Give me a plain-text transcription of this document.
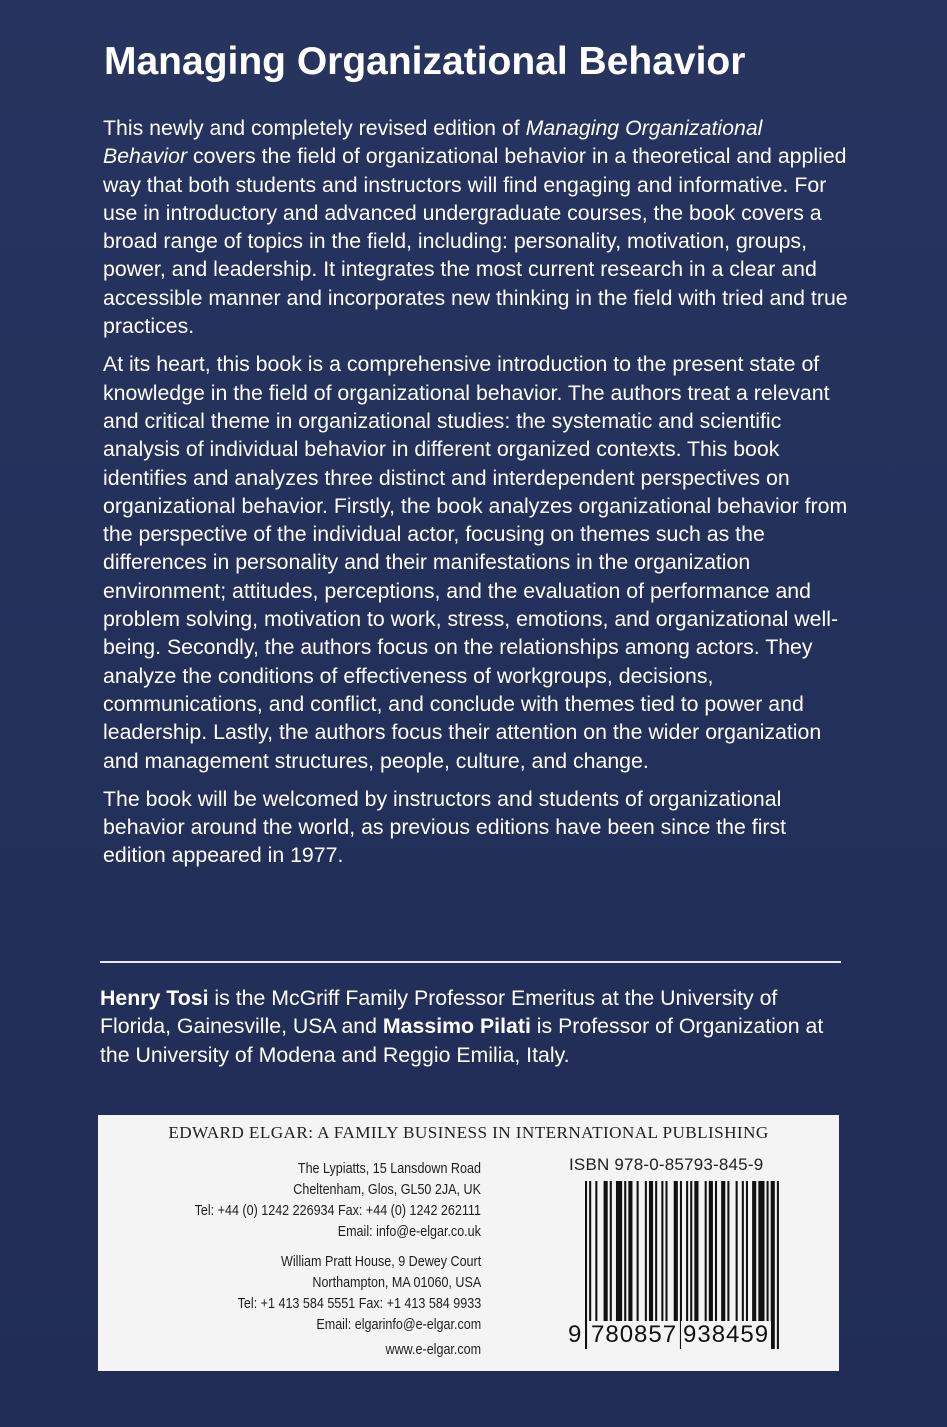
Managing Organizational Behavior

This newly and completely revised edition of Managing Organizational Behavior covers the field of organizational behavior in a theoretical and applied way that both students and instructors will find engaging and informative. For use in introductory and advanced undergraduate courses, the book covers a broad range of topics in the field, including: personality, motivation, groups, power, and leadership. It integrates the most current research in a clear and accessible manner and incorporates new thinking in the field with tried and true practices.

At its heart, this book is a comprehensive introduction to the present state of knowledge in the field of organizational behavior. The authors treat a relevant and critical theme in organizational studies: the systematic and scientific analysis of individual behavior in different organized contexts. This book identifies and analyzes three distinct and interdependent perspectives on organizational behavior. Firstly, the book analyzes organizational behavior from the perspective of the individual actor, focusing on themes such as the differences in personality and their manifestations in the organization environment; attitudes, perceptions, and the evaluation of performance and problem solving, motivation to work, stress, emotions, and organizational well-being. Secondly, the authors focus on the relationships among actors. They analyze the conditions of effectiveness of workgroups, decisions, communications, and conflict, and conclude with themes tied to power and leadership. Lastly, the authors focus their attention on the wider organization and management structures, people, culture, and change.

The book will be welcomed by instructors and students of organizational behavior around the world, as previous editions have been since the first edition appeared in 1977.

Henry Tosi is the McGriff Family Professor Emeritus at the University of Florida, Gainesville, USA and Massimo Pilati is Professor of Organization at the University of Modena and Reggio Emilia, Italy.

EDWARD ELGAR: A FAMILY BUSINESS IN INTERNATIONAL PUBLISHING
The Lypiatts, 15 Lansdown Road
Cheltenham, Glos, GL50 2JA, UK
Tel: +44 (0) 1242 226934 Fax: +44 (0) 1242 262111
Email: info@e-elgar.co.uk
William Pratt House, 9 Dewey Court
Northampton, MA 01060, USA
Tel: +1 413 584 5551 Fax: +1 413 584 9933
Email: elgarinfo@e-elgar.com
www.e-elgar.com
ISBN 978-0-85793-845-9
9 780857 938459
